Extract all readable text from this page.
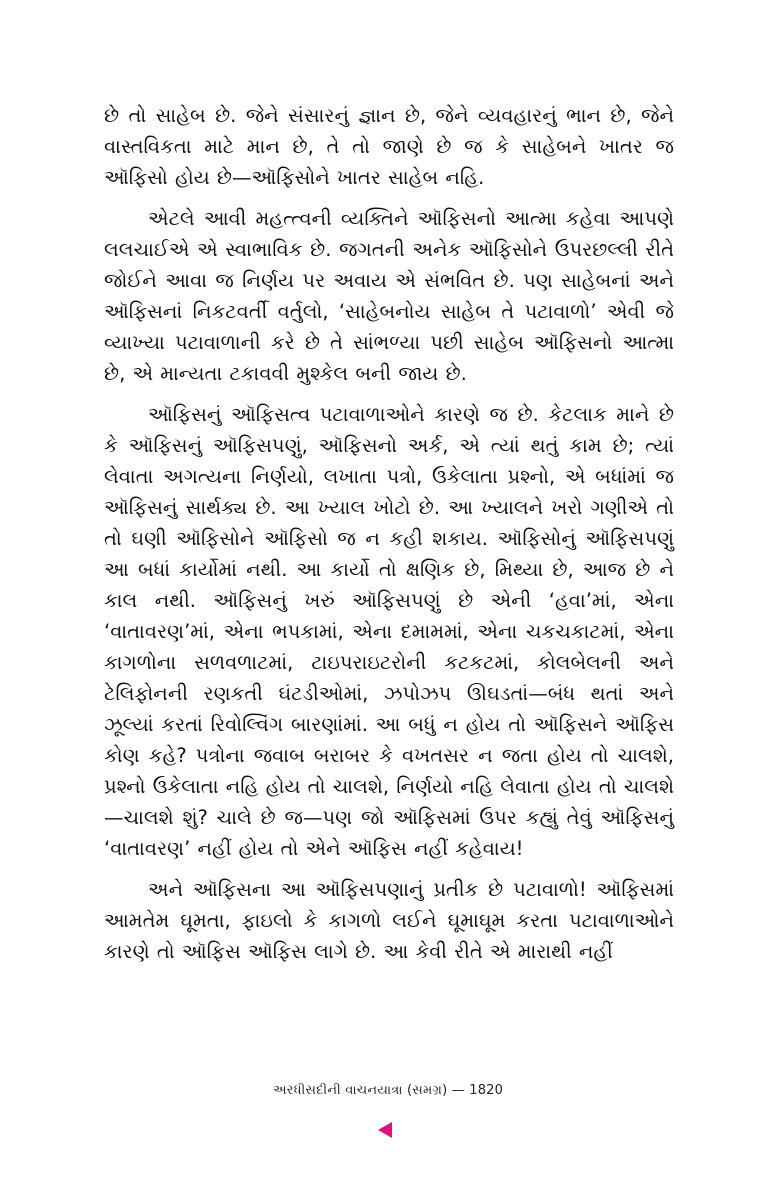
છે તો સાહેબ છે. જેને સંસારનું જ્ઞાન છે, જેને વ્યવહારનું ભાન છે, જેને વાસ્તવિકતા માટે માન છે, તે તો જાણે છે જ કે સાહેબને ખાતર જ ઑફિસો હોય છે—ઑફિસોને ખાતર સાહેબ નહિ.

એટલે આવી મહત્ત્વની વ્યક્તિને ઑફિસનો આત્મા કહેવા આપણે લલચાઈએ એ સ્વાભાવિક છે. જગતની અનેક ઑફિસોને ઉપરછલ્લી રીતે જોઈને આવા જ નિર્ણય પર અવાય એ સંભવિત છે. પણ સાહેબનાં અને ઑફિસનાં નિકટવર્તી વર્તુલો, ‘સાહેબનોય સાહેબ તે પટાવાળો’ એવી જે વ્યાખ્યા પટાવાળાની કરે છે તે સાંભળ્યા પછી સાહેબ ઑફિસનો આત્મા છે, એ માન્યતા ટકાવવી મુશ્કેલ બની જાય છે.

ઑફિસનું ઑફિસત્વ પટાવાળાઓને કારણે જ છે. કેટલાક માને છે કે ઑફિસનું ઑફિસપણું, ઑફિસનો અર્ક, એ ત્યાં થતું કામ છે; ત્યાં લેવાતા અગત્યના નિર્ણયો, લખાતા પત્રો, ઉકેલાતા પ્રશ્નો, એ બધાંમાં જ ઑફિસનું સાર્થક્ય છે. આ ખ્યાલ ખોટો છે. આ ખ્યાલને ખરો ગણીએ તો તો ઘણી ઑફિસોને ઑફિસો જ ન કહી શકાય. ઑફિસોનું ઑફિસપણું આ બધાં કાર્યોમાં નથી. આ કાર્યો તો ક્ષણિક છે, મિથ્યા છે, આજ છે ને કાલ નથી. ઑફિસનું ખરું ઑફિસપણું છે એની ‘હવા’માં, એના ‘વાતાવરણ’માં, એના ભપકામાં, એના દમામમાં, એના ચકચકાટમાં, એના કાગળોના સળવળાટમાં, ટાઇપરાઇટરોની કટકટમાં, કોલબેલની અને ટેલિફોનની રણકતી ઘંટડીઓમાં, ઝપોઝપ ઊઘડતાં—બંધ થતાં અને ઝૂલ્યાં કરતાં રિવોલ્વિંગ બારણાંમાં. આ બધું ન હોય તો ઑફિસને ઑફિસ કોણ કહે? પત્રોના જવાબ બરાબર કે વખતસર ન જતા હોય તો ચાલશે, પ્રશ્નો ઉકેલાતા નહિ હોય તો ચાલશે, નિર્ણયો નહિ લેવાતા હોય તો ચાલશે—ચાલશે શું? ચાલે છે જ—પણ જો ઑફિસમાં ઉપર કહ્યું તેવું ઑફિસનું ‘વાતાવરણ’ નહીં હોય તો એને ઑફિસ નહીં કહેવાય!

અને ઑફિસના આ ઑફિસપણાનું પ્રતીક છે પટાવાળો! ઑફિસમાં આમતેમ ઘૂમતા, ફાઇલો કે કાગળો લઈને ઘૂમાઘૂમ કરતા પટાવાળાઓને કારણે તો ઑફિસ ઑફિસ લાગે છે. આ કેવી રીતે એ મારાથી નહીં

અરધીસદીની વાચનયાત્રા (સમગ્ર) — 1820
